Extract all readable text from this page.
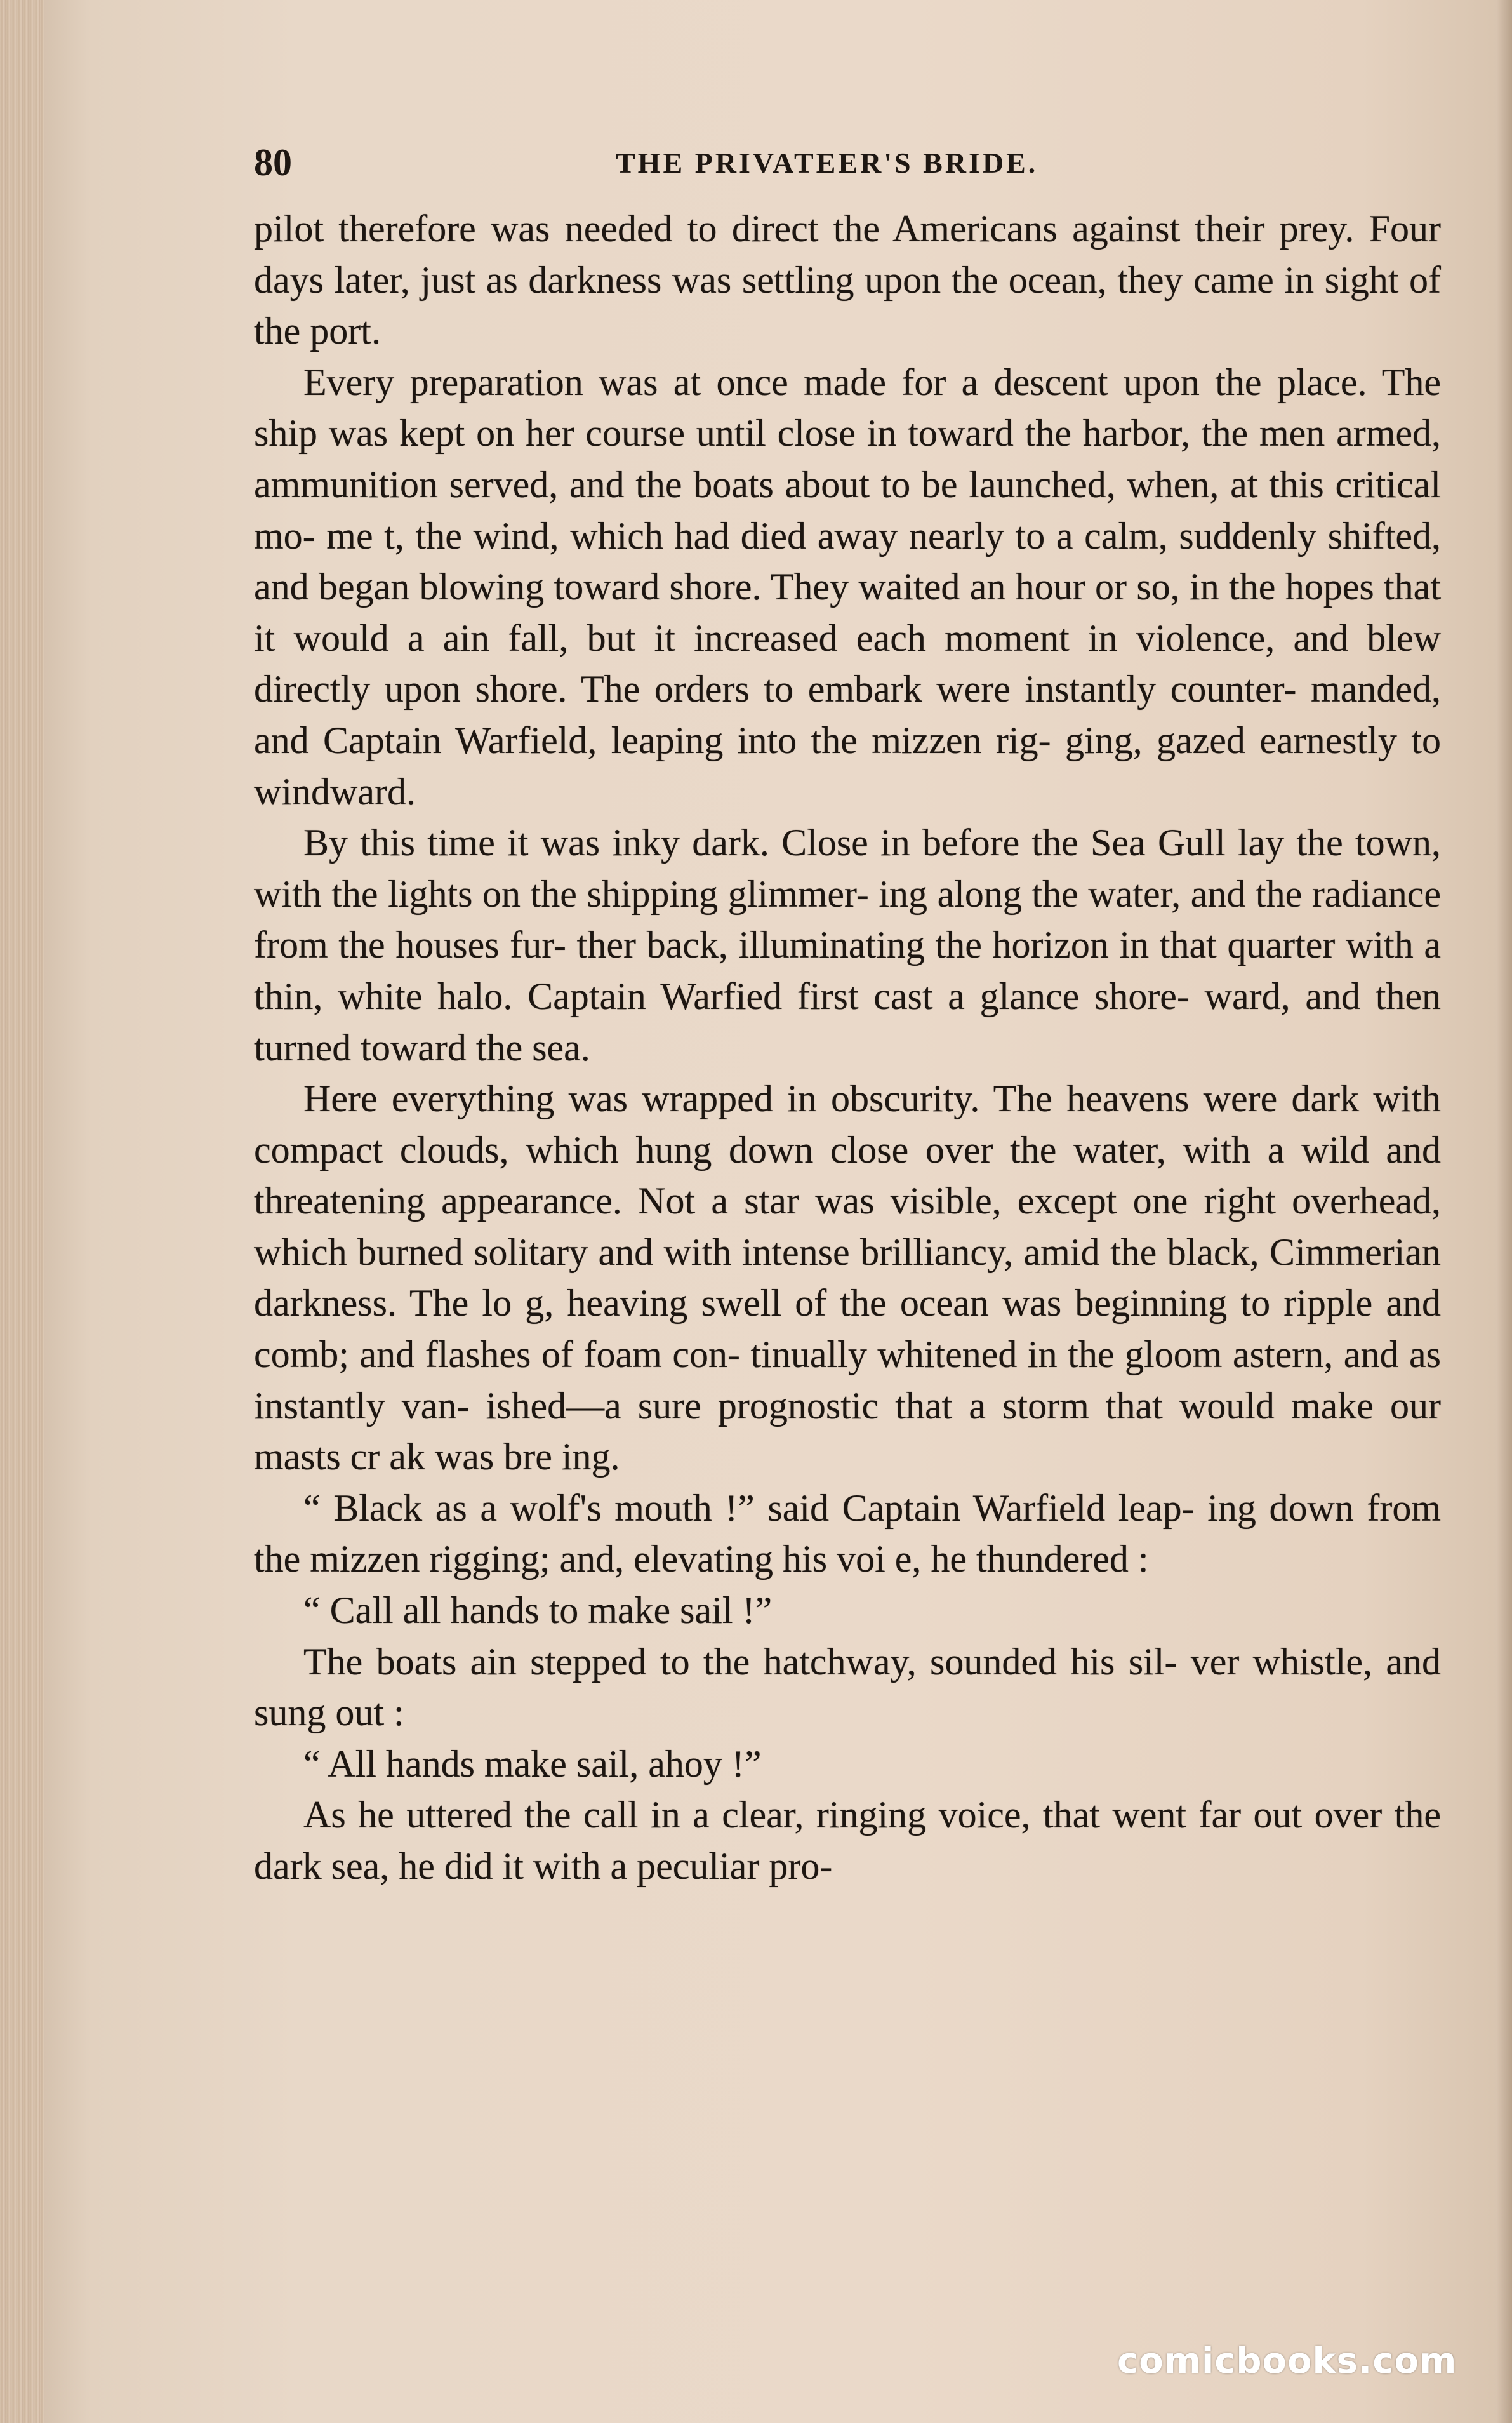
80	THE PRIVATEER'S BRIDE.

pilot therefore was needed to direct the Americans against their prey. Four days later, just as darkness was settling upon the ocean, they came in sight of the port.

Every preparation was at once made for a descent upon the place. The ship was kept on her course until close in toward the harbor, the men armed, ammunition served, and the boats about to be launched, when, at this critical mo- me t, the wind, which had died away nearly to a calm, suddenly shifted, and began blowing toward shore. They waited an hour or so, in the hopes that it would a ain fall, but it increased each moment in violence, and blew directly upon shore. The orders to embark were instantly counter- manded, and Captain Warfield, leaping into the mizzen rig- ging, gazed earnestly to windward.

By this time it was inky dark. Close in before the Sea Gull lay the town, with the lights on the shipping glimmer- ing along the water, and the radiance from the houses fur- ther back, illuminating the horizon in that quarter with a thin, white halo. Captain Warfied first cast a glance shore- ward, and then turned toward the sea.

Here everything was wrapped in obscurity. The heavens were dark with compact clouds, which hung down close over the water, with a wild and threatening appearance. Not a star was visible, except one right overhead, which burned solitary and with intense brilliancy, amid the black, Cimmerian darkness. The lo g, heaving swell of the ocean was beginning to ripple and comb; and flashes of foam con- tinually whitened in the gloom astern, and as instantly van- ished—a sure prognostic that a storm that would make our masts cr ak was bre ing.

“ Black as a wolf's mouth !” said Captain Warfield leap- ing down from the mizzen rigging; and, elevating his voi e, he thundered :

“ Call all hands to make sail !”

The boats ain stepped to the hatchway, sounded his sil- ver whistle, and sung out :

“ All hands make sail, ahoy !”

As he uttered the call in a clear, ringing voice, that went far out over the dark sea, he did it with a peculiar pro-

comicbooks.com
